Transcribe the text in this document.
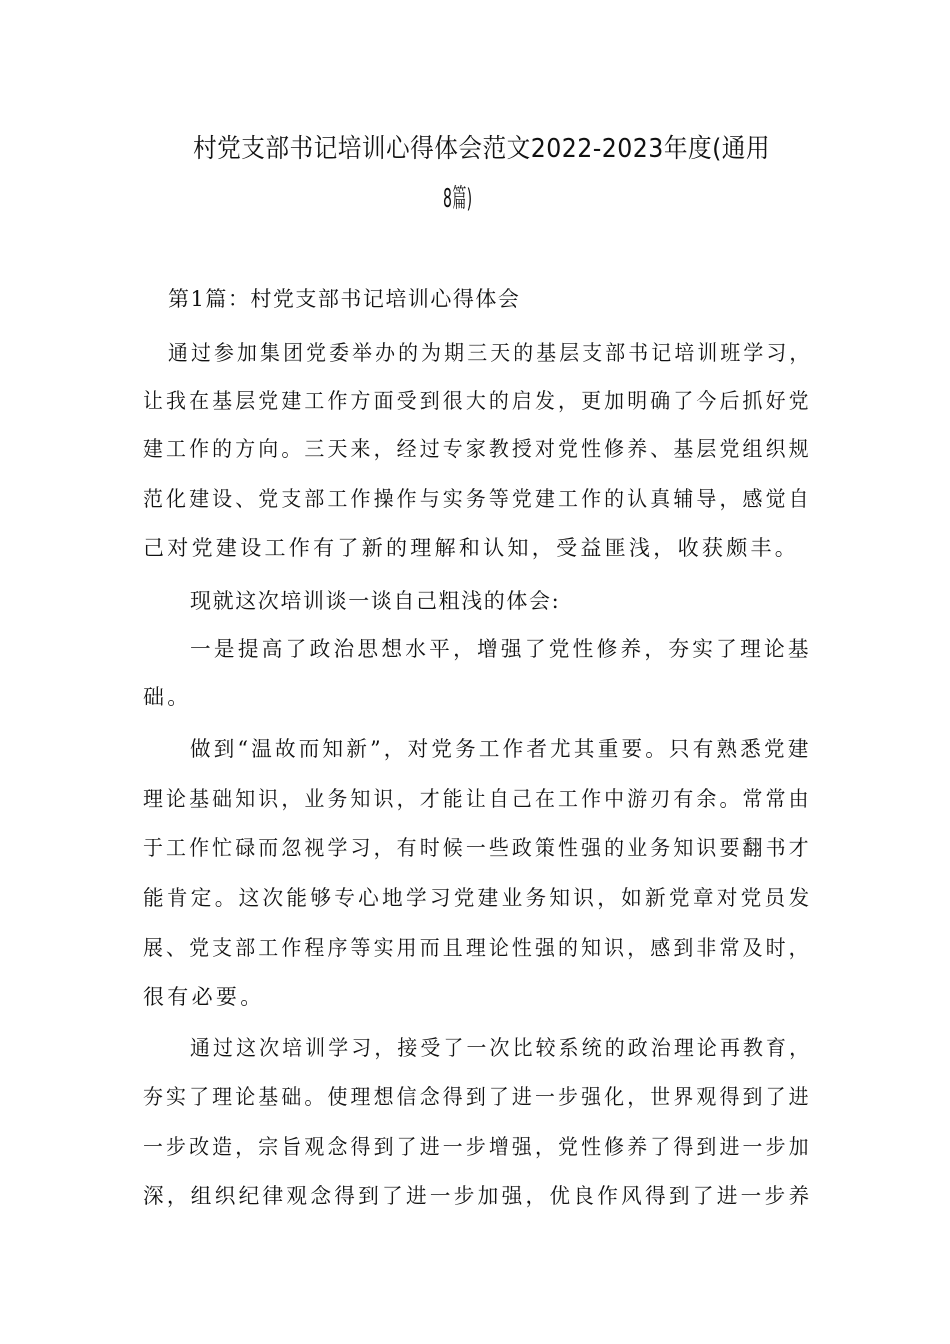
村党支部书记培训心得体会范文2022-2023年度(通用
8篇)
第1篇：村党支部书记培训心得体会
通过参加集团党委举办的为期三天的基层支部书记培训班学习，
让我在基层党建工作方面受到很大的启发，更加明确了今后抓好党
建工作的方向。三天来，经过专家教授对党性修养、基层党组织规
范化建设、党支部工作操作与实务等党建工作的认真辅导，感觉自
己对党建设工作有了新的理解和认知，受益匪浅，收获颇丰。
现就这次培训谈一谈自己粗浅的体会:
一是提高了政治思想水平，增强了党性修养，夯实了理论基
础。
做到“温故而知新”，对党务工作者尤其重要。只有熟悉党建
理论基础知识，业务知识，才能让自己在工作中游刃有余。常常由
于工作忙碌而忽视学习，有时候一些政策性强的业务知识要翻书才
能肯定。这次能够专心地学习党建业务知识，如新党章对党员发
展、党支部工作程序等实用而且理论性强的知识，感到非常及时，
很有必要。
通过这次培训学习，接受了一次比较系统的政治理论再教育，
夯实了理论基础。使理想信念得到了进一步强化，世界观得到了进
一步改造，宗旨观念得到了进一步增强，党性修养了得到进一步加
深，组织纪律观念得到了进一步加强，优良作风得到了进一步养
